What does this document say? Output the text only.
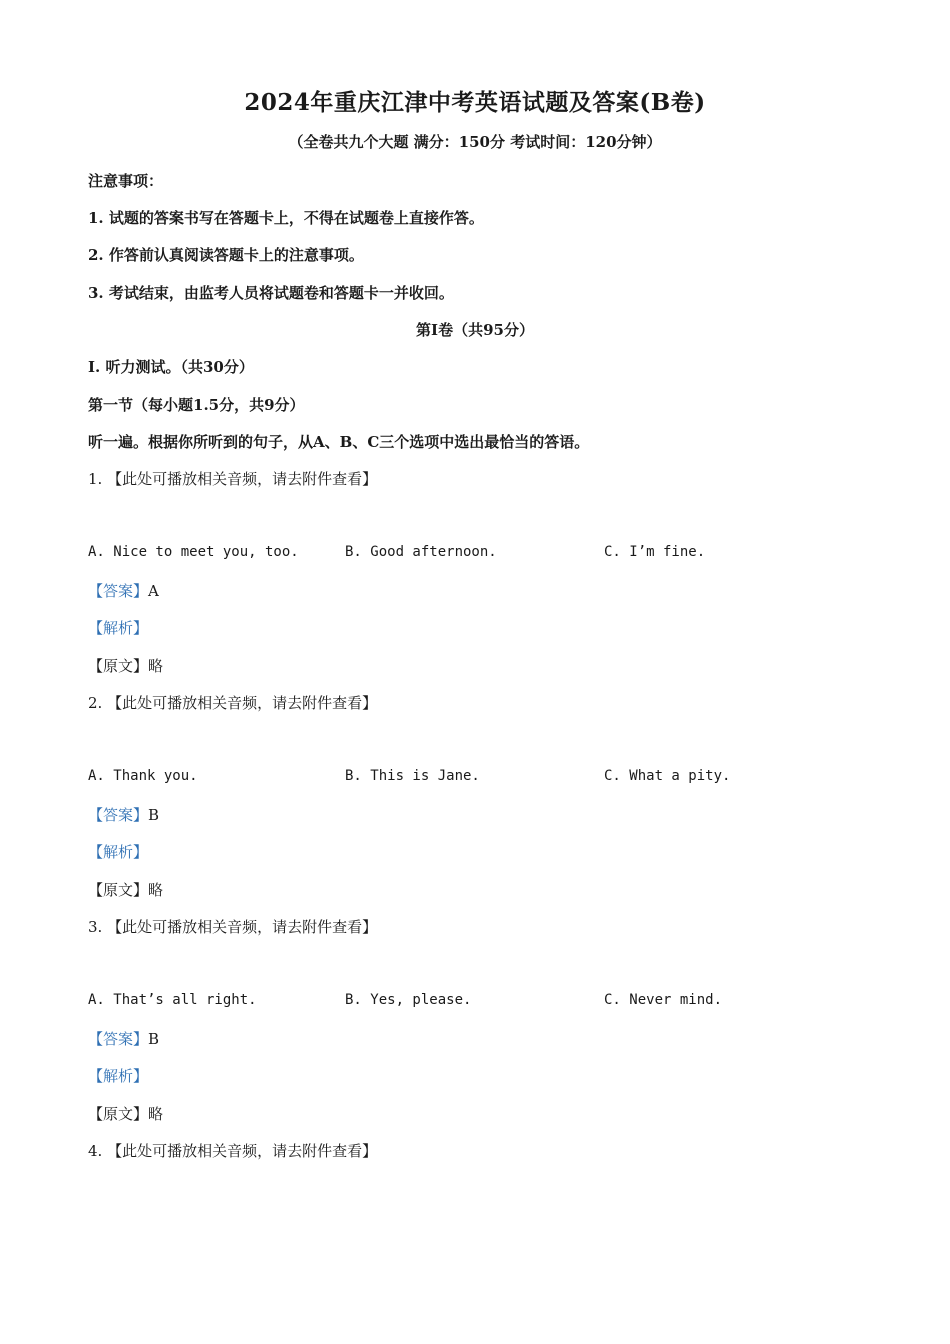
2024年重庆江津中考英语试题及答案(B卷)
（全卷共九个大题 满分：150分 考试时间：120分钟）
注意事项：
1. 试题的答案书写在答题卡上，不得在试题卷上直接作答。
2. 作答前认真阅读答题卡上的注意事项。
3. 考试结束，由监考人员将试题卷和答题卡一并收回。
第Ⅰ卷（共95分）
Ⅰ. 听力测试。（共30分）
第一节（每小题1.5分，共9分）
听一遍。根据你所听到的句子，从A、B、C三个选项中选出最恰当的答语。
1. 【此处可播放相关音频，请去附件查看】
A. Nice to meet you, too.	B. Good afternoon.	C. I’m fine.
【答案】A
【解析】
【原文】略
2. 【此处可播放相关音频，请去附件查看】
A. Thank you.	B. This is Jane.	C. What a pity.
【答案】B
【解析】
【原文】略
3. 【此处可播放相关音频，请去附件查看】
A. That’s all right.	B. Yes, please.	C. Never mind.
【答案】B
【解析】
【原文】略
4. 【此处可播放相关音频，请去附件查看】
